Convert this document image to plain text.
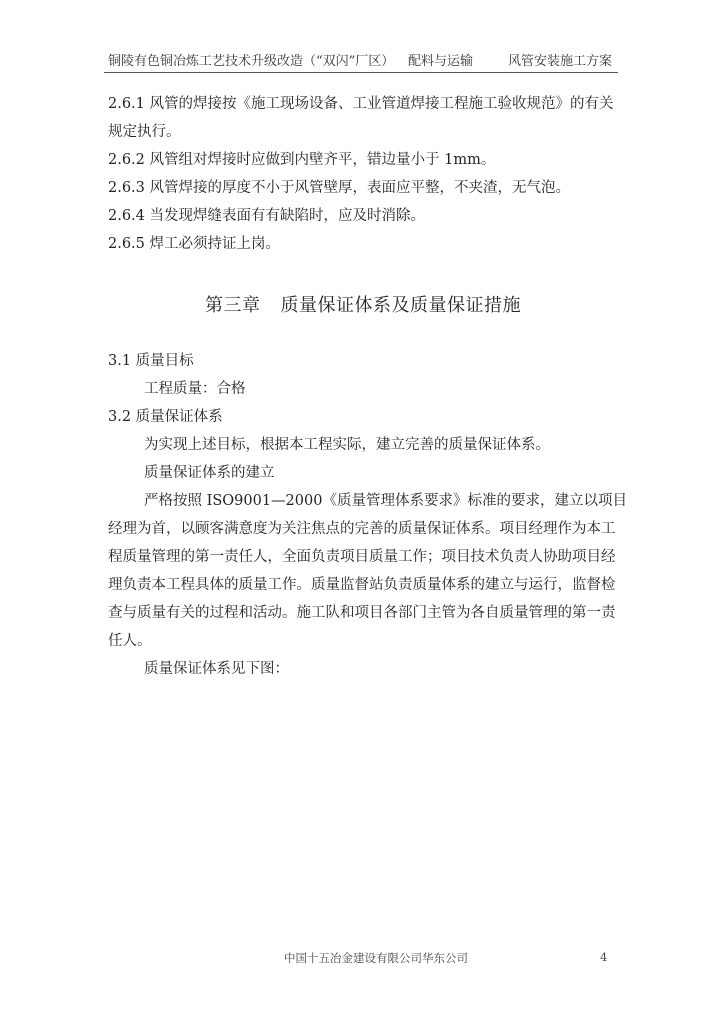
铜陵有色铜冶炼工艺技术升级改造（“双闪”厂区） 配料与运输	风管安装施工方案
2.6.1 风管的焊接按《施工现场设备、工业管道焊接工程施工验收规范》的有关
规定执行。
2.6.2 风管组对焊接时应做到内壁齐平，错边量小于 1mm。
2.6.3 风管焊接的厚度不小于风管壁厚，表面应平整，不夹渣，无气泡。
2.6.4 当发现焊缝表面有有缺陷时，应及时消除。
2.6.5 焊工必须持证上岗。
第三章 质量保证体系及质量保证措施
3.1 质量目标
工程质量：合格
3.2 质量保证体系
为实现上述目标，根据本工程实际，建立完善的质量保证体系。
质量保证体系的建立
严格按照 ISO9001—2000《质量管理体系要求》标准的要求，建立以项目
经理为首，以顾客满意度为关注焦点的完善的质量保证体系。项目经理作为本工
程质量管理的第一责任人，全面负责项目质量工作；项目技术负责人协助项目经
理负责本工程具体的质量工作。质量监督站负责质量体系的建立与运行，监督检
查与质量有关的过程和活动。施工队和项目各部门主管为各自质量管理的第一责
任人。
质量保证体系见下图：
中国十五冶金建设有限公司华东公司	4
